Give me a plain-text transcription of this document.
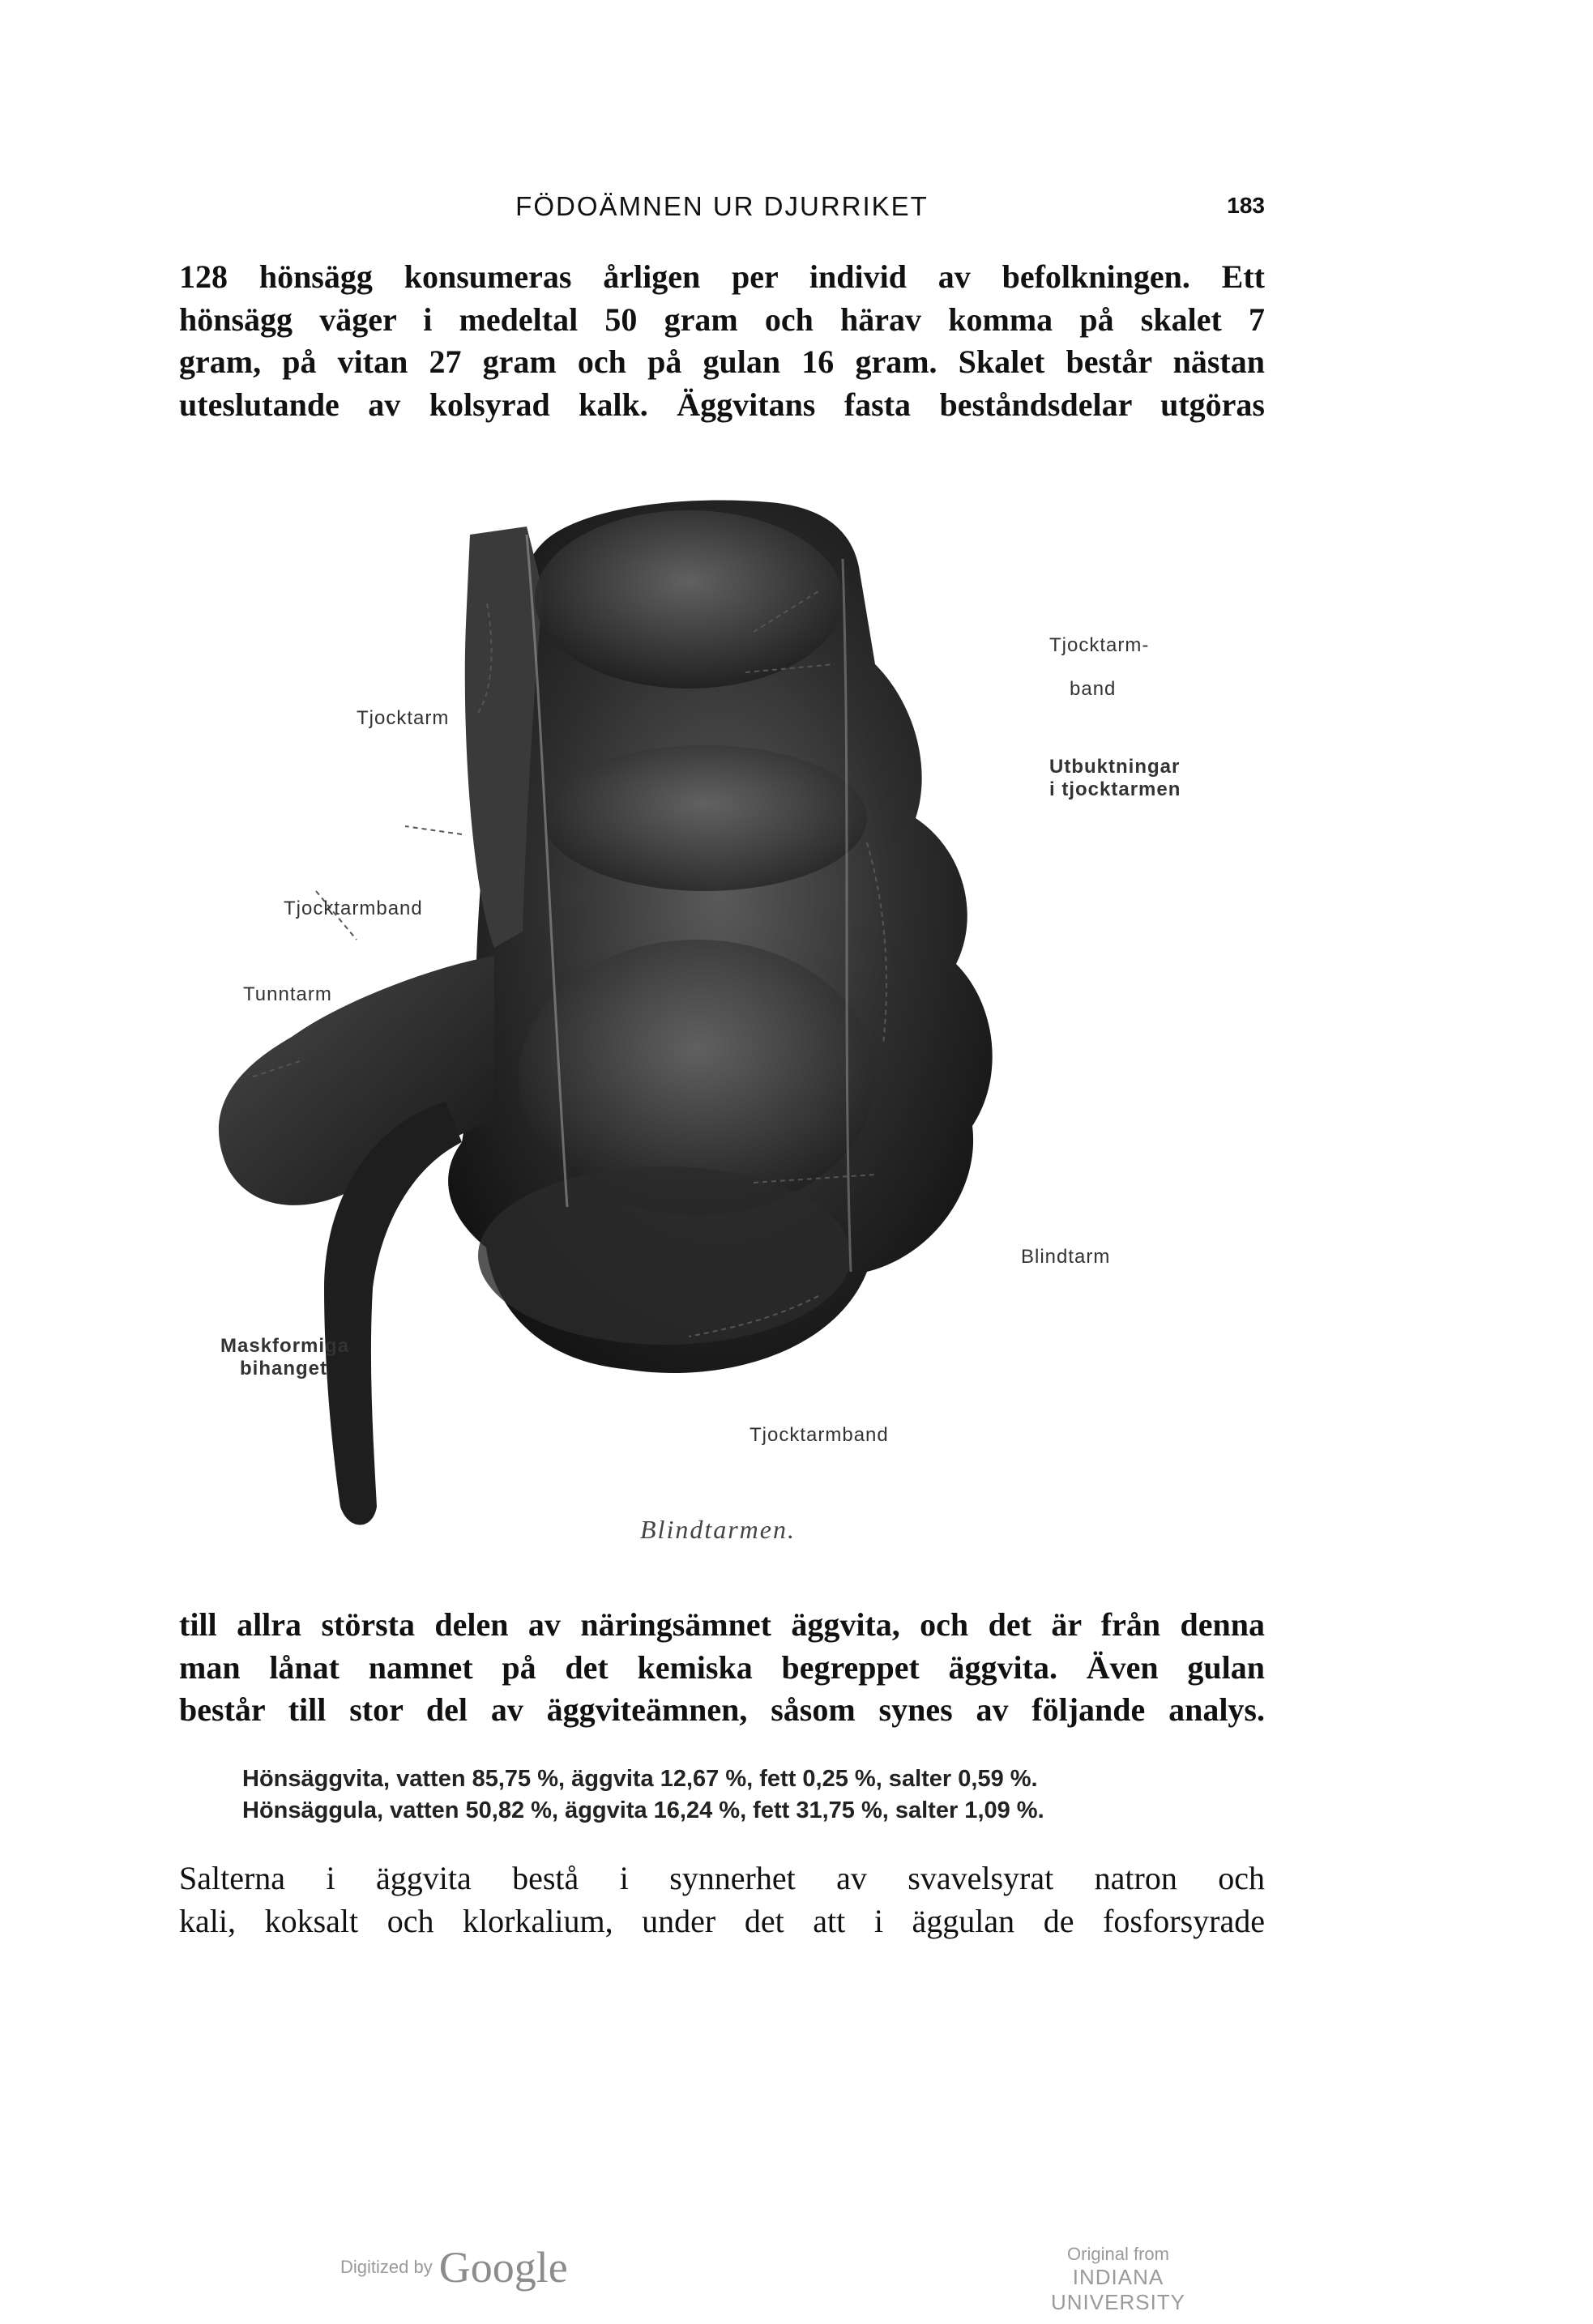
FÖDOÄMNEN UR DJURRIKET	183
128 hönsägg konsumeras årligen per individ av befolkningen. Ett
hönsägg väger i medeltal 50 gram och härav komma på skalet 7
gram, på vitan 27 gram och på gulan 16 gram. Skalet består nästan
uteslutande av kolsyrad kalk. Äggvitans fasta beståndsdelar utgöras
Tjocktarm
Tjocktarm-
band
Utbuktningar
i tjocktarmen
Tjocktarmband
Tunntarm
Blindtarm
Maskformiga
bihanget
Tjocktarmband
Blindtarmen.
till allra största delen av näringsämnet äggvita, och det är från denna
man lånat namnet på det kemiska begreppet äggvita. Även gulan
består till stor del av äggviteämnen, såsom synes av följande analys.
Hönsäggvita, vatten 85,75 %, äggvita 12,67 %, fett 0,25 %, salter 0,59 %.
Hönsäggula, vatten 50,82 %, äggvita 16,24 %, fett 31,75 %, salter 1,09 %.
Salterna i äggvita bestå i synnerhet av svavelsyrat natron och
kali, koksalt och klorkalium, under det att i äggulan de fosforsyrade
Digitized by Google	Original from
INDIANA UNIVERSITY
